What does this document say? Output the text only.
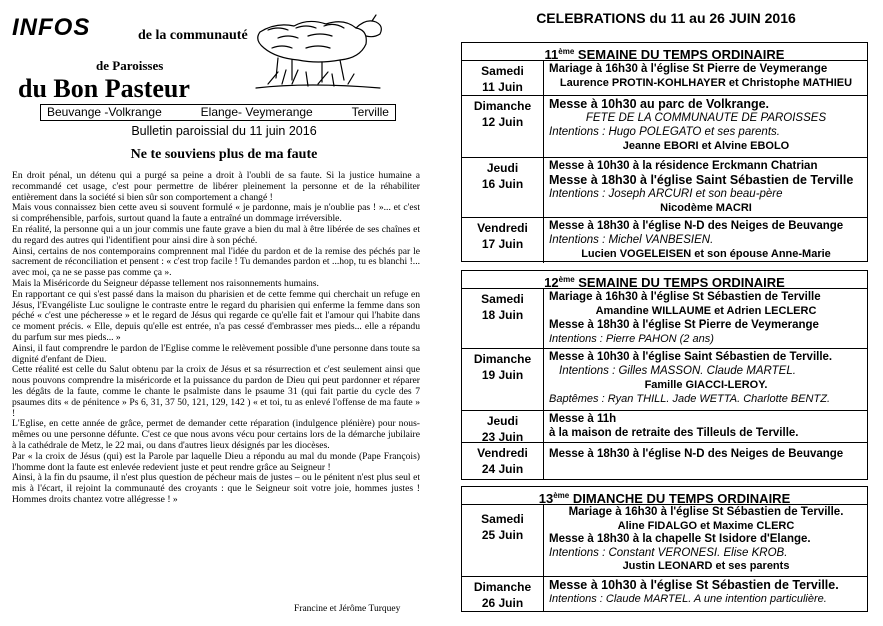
INFOS	de la communauté
de Paroisses
du Bon Pasteur
Beuvange -Volkrange	Elange- Veymerange	Terville
Bulletin paroissial du 11 juin 2016
Ne te souviens plus de ma faute

En droit pénal, un détenu qui a purgé sa peine a droit à l'oubli de sa faute. Si la justice humaine a recommandé cet usage, c'est pour permettre de libérer pleinement la personne et de la réhabiliter entièrement dans la société si bien sûr son comportement a changé !

Mais vous connaissez bien cette aveu si souvent formulé « je pardonne, mais je n'oublie pas ! »... et c'est si compréhensible, parfois, surtout quand la faute a entraîné un dommage irréversible.

En réalité, la personne qui a un jour commis une faute grave a bien du mal à être libérée de ses chaînes et du regard des autres qui l'identifient pour ainsi dire à son péché.

Ainsi, certains de nos contemporains comprennent mal l'idée du pardon et de la remise des péchés par le sacrement de réconciliation et pensent : « c'est trop facile ! Tu demandes pardon et ...hop, tu es blanchi !... avec moi, ça ne se passe pas comme ça ».

Mais la Miséricorde du Seigneur dépasse tellement nos raisonnements humains.

En rapportant ce qui s'est passé dans la maison du pharisien et de cette femme qui cherchait un refuge en Jésus, l'Evangéliste Luc souligne le contraste entre le regard du pharisien qui enferme la femme dans son péché « c'est une pécheresse » et le regard de Jésus qui regarde ce qu'elle fait et l'amour qui l'habite dans ce moment précis. « Elle, depuis qu'elle est entrée, n'a pas cessé d'embrasser mes pieds... elle a répandu du parfum sur mes pieds... »

Ainsi, il faut comprendre le pardon de l'Eglise comme le relèvement possible d'une personne dans toute sa dignité d'enfant de Dieu.

Cette réalité est celle du Salut obtenu par la croix de Jésus et sa résurrection et c'est seulement ainsi que nous pouvons comprendre la miséricorde et la puissance du pardon de Dieu qui peut pardonner et réparer les dégâts de la faute, comme le chante le psalmiste dans le psaume 31 (qui fait partie du cycle des 7 psaumes dits « de pénitence » Ps 6, 31, 37 50, 121, 129, 142 ) « et toi, tu as enlevé l'offense de ma faute » !

L'Eglise, en cette année de grâce, permet de demander cette réparation (indulgence plénière) pour nous-mêmes ou une personne défunte. C'est ce que nous avons vécu pour certains lors de la démarche jubilaire à la cathédrale de Metz, le 22 mai, ou dans d'autres lieux désignés par les diocèses.

Par « la croix de Jésus (qui) est la Parole par laquelle Dieu a répondu au mal du monde (Pape François) l'homme dont la faute est enlevée redevient juste et peut rendre grâce au Seigneur !

Ainsi, à la fin du psaume, il n'est plus question de pécheur mais de justes – ou le pénitent n'est plus seul et mis à l'écart, il rejoint la communauté des croyants : que le Seigneur soit votre joie, hommes justes ! Hommes droits chantez votre allégresse ! »

Francine et Jérôme Turquey
CELEBRATIONS du 11 au 26 JUIN 2016
11ème SEMAINE DU TEMPS ORDINAIRE
Samedi
11 Juin
Mariage à 16h30 à l'église St Pierre de Veymerange
Laurence PROTIN-KOHLHAYER et Christophe MATHIEU
Dimanche
12 Juin
Messe à 10h30 au parc de Volkrange.
FETE DE LA COMMUNAUTE DE PAROISSES
Intentions : Hugo POLEGATO et ses parents.
Jeanne EBORI et Alvine EBOLO
Jeudi
16 Juin
Messe à 10h30 à la résidence Erckmann Chatrian
Messe à 18h30 à l'église Saint Sébastien de Terville
Intentions : Joseph ARCURI et son beau-père
Nicodème MACRI
Vendredi
17 Juin
Messe à 18h30 à l'église N-D des Neiges de Beuvange
Intentions : Michel VANBESIEN.
Lucien VOGELEISEN et son épouse Anne-Marie
12ème SEMAINE DU TEMPS ORDINAIRE
Samedi
18 Juin
Mariage à 16h30 à l'église St Sébastien de Terville
Amandine WILLAUME et Adrien LECLERC
Messe à 18h30 à l'église St Pierre de Veymerange
Intentions : Pierre PAHON (2 ans)
Dimanche
19 Juin
Messe à 10h30 à l'église Saint Sébastien de Terville.
Intentions : Gilles MASSON. Claude MARTEL.
Famille GIACCI-LEROY.
Baptêmes : Ryan THILL. Jade WETTA. Charlotte BENTZ.
Jeudi
23 Juin
Messe à 11h
à la maison de retraite des Tilleuls de Terville.
Vendredi
24 Juin
Messe à 18h30 à l'église N-D des Neiges de Beuvange
13ème DIMANCHE DU TEMPS ORDINAIRE
Samedi
25 Juin
Mariage à 16h30 à l'église St Sébastien de Terville.
Aline FIDALGO et Maxime CLERC
Messe à 18h30 à la chapelle St Isidore d'Elange.
Intentions : Constant VERONESI. Elise KROB.
Justin LEONARD et ses parents
Dimanche
26 Juin
Messe à 10h30 à l'église St Sébastien de Terville.
Intentions : Claude MARTEL. A une intention particulière.
